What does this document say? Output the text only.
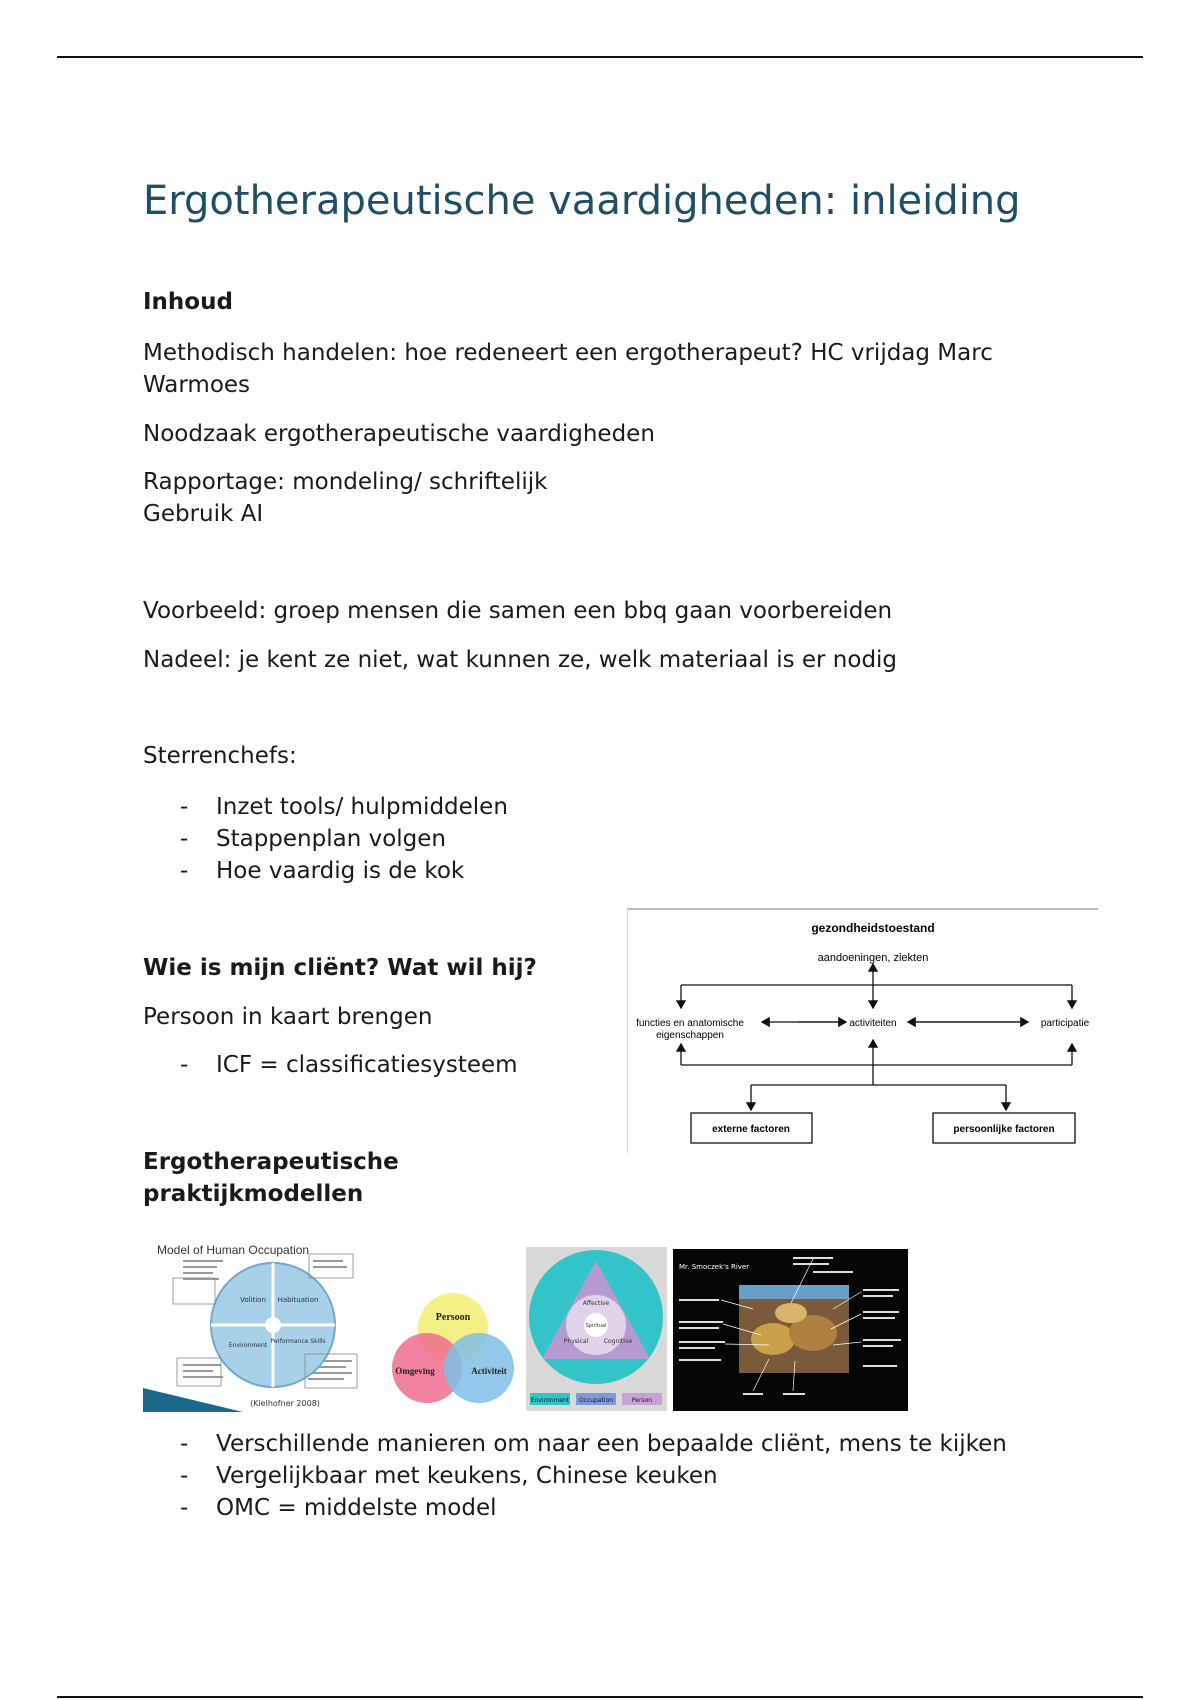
Ergotherapeutische vaardigheden: inleiding
Inhoud
Methodisch handelen: hoe redeneert een ergotherapeut? HC vrijdag Marc
Warmoes
Noodzaak ergotherapeutische vaardigheden
Rapportage: mondeling/ schriftelijk
Gebruik AI
Voorbeeld: groep mensen die samen een bbq gaan voorbereiden
Nadeel: je kent ze niet, wat kunnen ze, welk materiaal is er nodig
Sterrenchefs:
- Inzet tools/ hulpmiddelen
- Stappenplan volgen
- Hoe vaardig is de kok
Wie is mijn cliënt? Wat wil hij?
Persoon in kaart brengen
- ICF = classificatiesysteem
gezondheidstoestand
aandoeningen, ziekten
functies en anatomische
eigenschappen
activiteiten	participatie
externe factoren	persoonlijke factoren
Ergotherapeutische
praktijkmodellen
Model of Human Occupation
Volition Habituation
Environment
Performance Skills
(Kielhofner 2008)
Persoon
Omgeving	Activiteit
Spiritual
Affective
Physical	Cognitive
Environment Occupation	Person
Mr. Smoczek's River
- Verschillende manieren om naar een bepaalde cliënt, mens te kijken
- Vergelijkbaar met keukens, Chinese keuken
- OMC = middelste model
